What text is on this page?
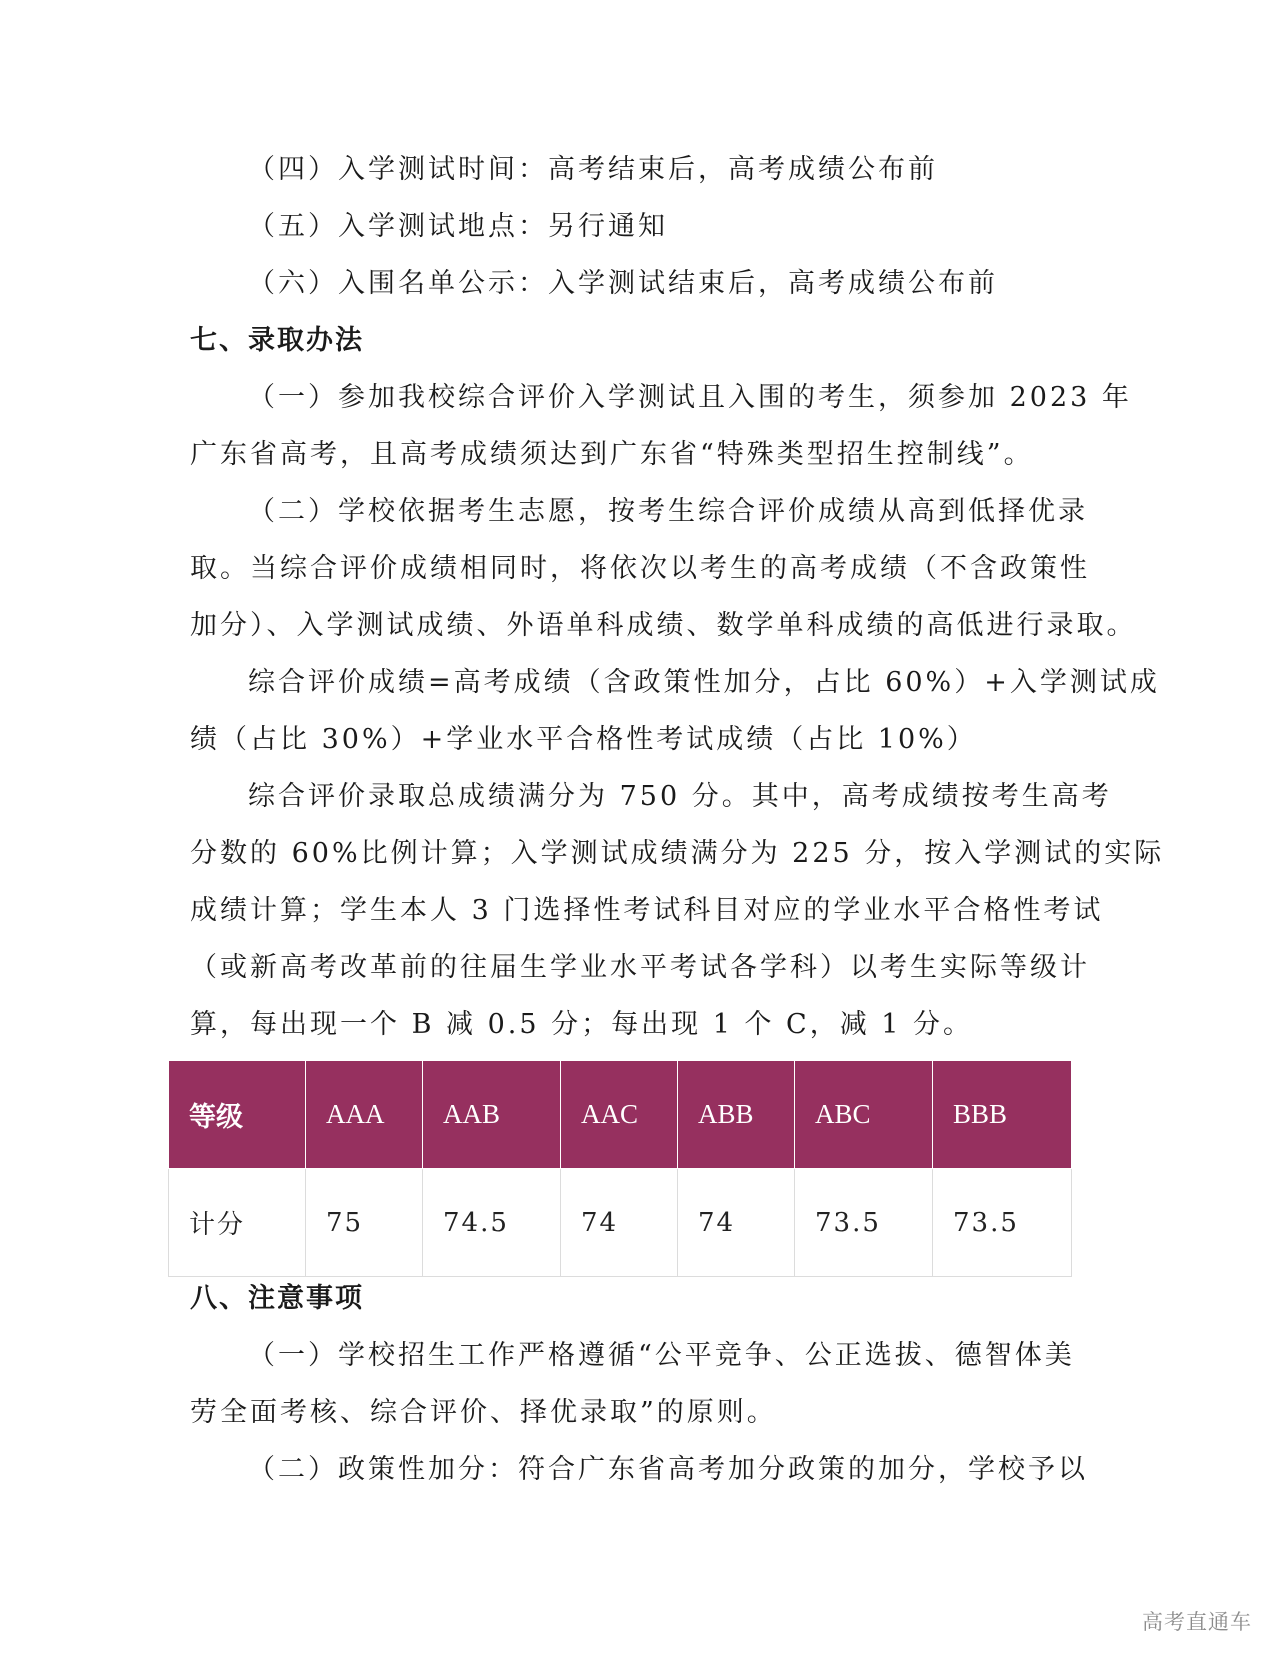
（四）入学测试时间：高考结束后，高考成绩公布前
（五）入学测试地点：另行通知
（六）入围名单公示：入学测试结束后，高考成绩公布前
七、录取办法
（一）参加我校综合评价入学测试且入围的考生，须参加 2023 年
广东省高考，且高考成绩须达到广东省“特殊类型招生控制线”。
（二）学校依据考生志愿，按考生综合评价成绩从高到低择优录
取。当综合评价成绩相同时，将依次以考生的高考成绩（不含政策性
加分）、入学测试成绩、外语单科成绩、数学单科成绩的高低进行录取。
综合评价成绩=高考成绩（含政策性加分，占比 60%）+入学测试成
绩（占比 30%）+学业水平合格性考试成绩（占比 10%）
综合评价录取总成绩满分为 750 分。其中，高考成绩按考生高考
分数的 60%比例计算；入学测试成绩满分为 225 分，按入学测试的实际
成绩计算；学生本人 3 门选择性考试科目对应的学业水平合格性考试
（或新高考改革前的往届生学业水平考试各学科）以考生实际等级计
算，每出现一个 B 减 0.5 分；每出现 1 个 C，减 1 分。
等级	AAA	AAB	AAC	ABB	ABC	BBB
计分	75	74.5	74	74	73.5	73.5
八、注意事项
（一）学校招生工作严格遵循“公平竞争、公正选拔、德智体美
劳全面考核、综合评价、择优录取”的原则。
（二）政策性加分：符合广东省高考加分政策的加分，学校予以
高考直通车
